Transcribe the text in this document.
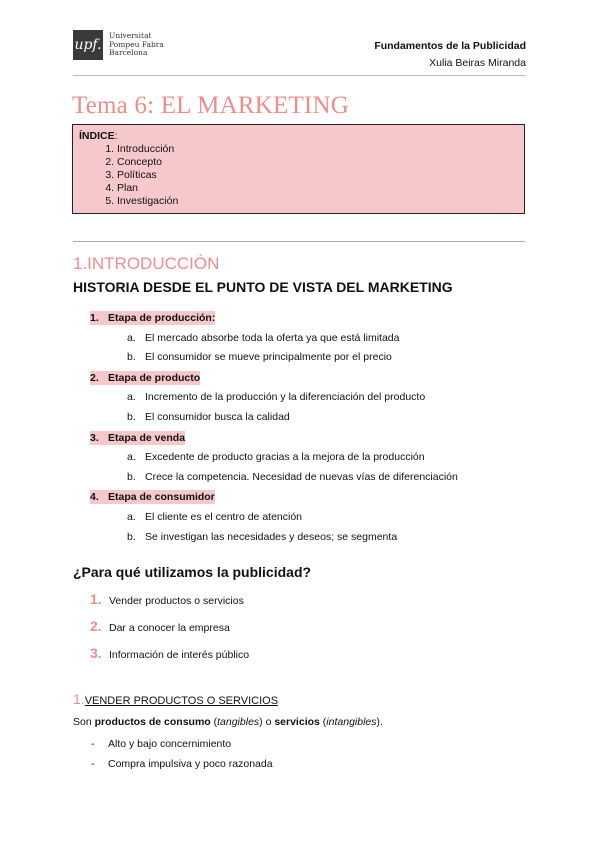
upf.
Universitat
Pompeu Fabra
Barcelona
Fundamentos de la Publicidad
Xulia Beiras Miranda
Tema 6: EL MARKETING
ÍNDICE:
1. Introducción
2. Concepto
3. Políticas
4. Plan
5. Investigación
1.INTRODUCCIÓN
HISTORIA DESDE EL PUNTO DE VISTA DEL MARKETING
1. Etapa de producción:
a. El mercado absorbe toda la oferta ya que está limitada
b. El consumidor se mueve principalmente por el precio
2. Etapa de producto
a. Incremento de la producción y la diferenciación del producto
b. El consumidor busca la calidad
3. Etapa de venda
a. Excedente de producto gracias a la mejora de la producción
b. Crece la competencia. Necesidad de nuevas vías de diferenciación
4. Etapa de consumidor
a. El cliente es el centro de atención
b. Se investigan las necesidades y deseos; se segmenta
¿Para qué utilizamos la publicidad?
1. Vender productos o servicios
2. Dar a conocer la empresa
3. Información de interés público
1.VENDER PRODUCTOS O SERVICIOS
Son productos de consumo (tangibles) o servicios (intangibles).
- Alto y bajo concernimiento
- Compra impulsiva y poco razonada
